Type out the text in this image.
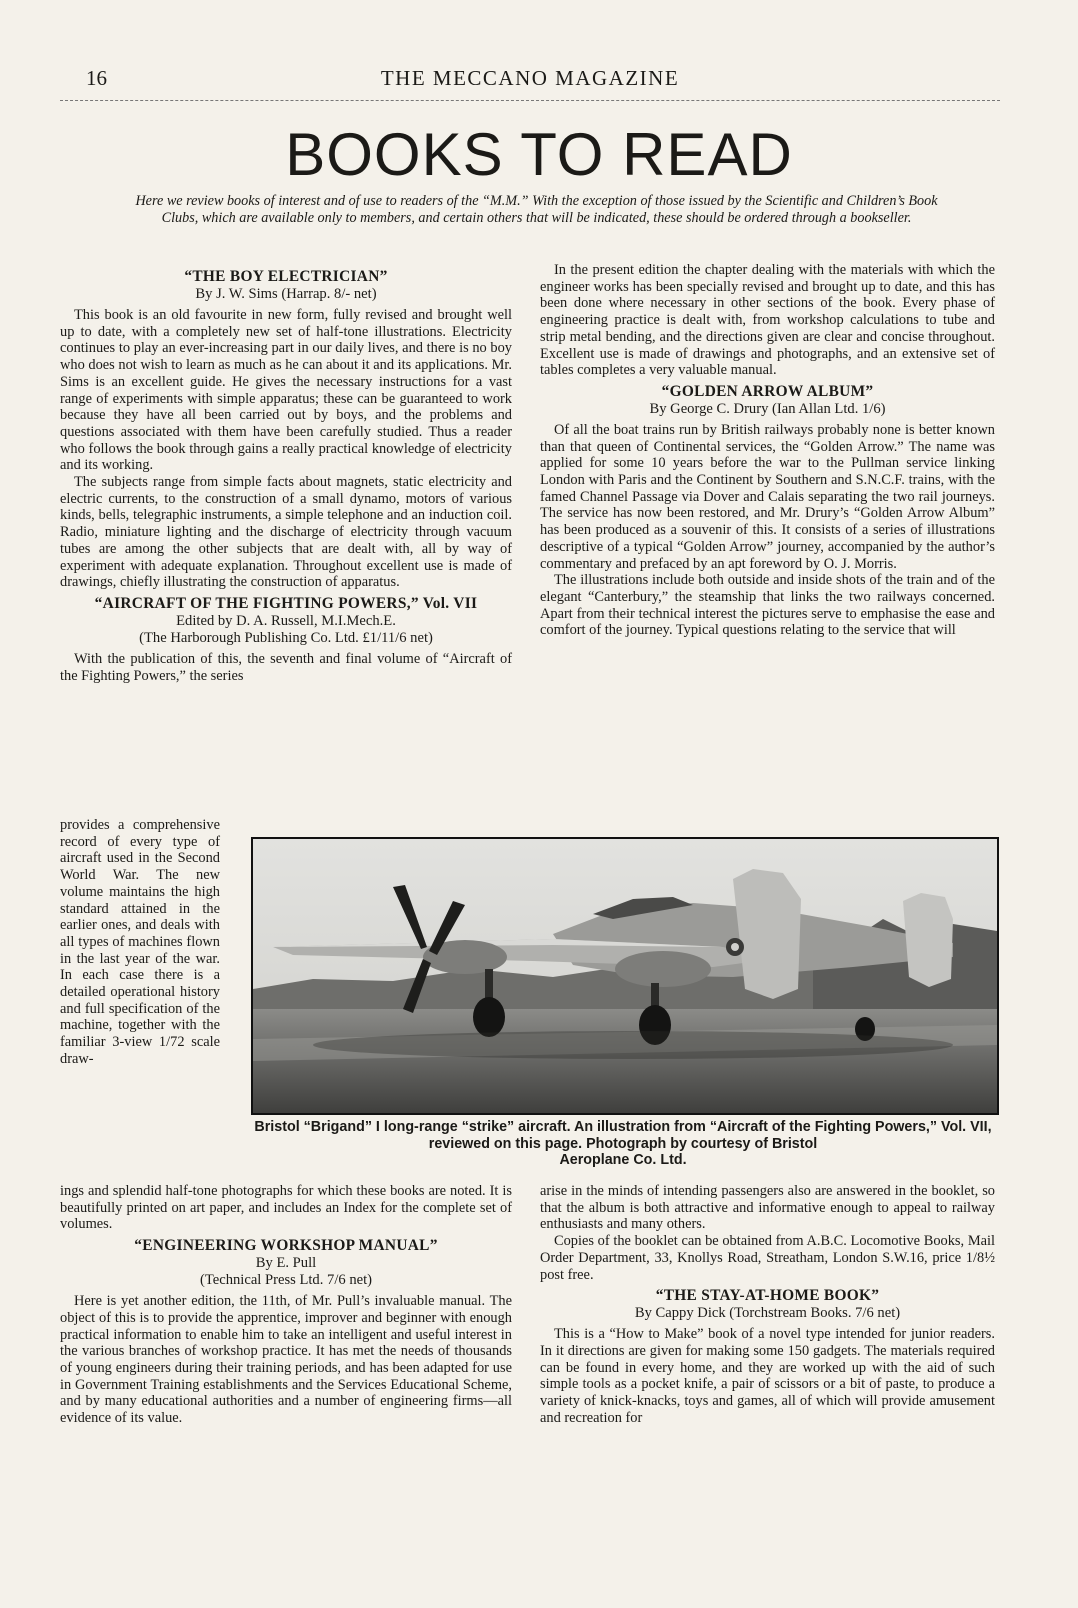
16	THE MECCANO MAGAZINE
BOOKS TO READ
Here we review books of interest and of use to readers of the “M.M.” With the exception of those issued by the Scientific and Children’s Book Clubs, which are available only to members, and certain others that will be indicated, these should be ordered through a bookseller.
“THE BOY ELECTRICIAN”
By J. W. Sims (Harrap. 8/- net)

This book is an old favourite in new form, fully revised and brought well up to date, with a completely new set of half-tone illustrations. Electricity continues to play an ever-increasing part in our daily lives, and there is no boy who does not wish to learn as much as he can about it and its applications. Mr. Sims is an excellent guide. He gives the necessary instructions for a vast range of experiments with simple apparatus; these can be guaranteed to work because they have all been carried out by boys, and the problems and questions associated with them have been carefully studied. Thus a reader who follows the book through gains a really practical knowledge of electricity and its working.

The subjects range from simple facts about magnets, static electricity and electric currents, to the construction of a small dynamo, motors of various kinds, bells, telegraphic instruments, a simple telephone and an induction coil. Radio, miniature lighting and the discharge of electricity through vacuum tubes are among the other subjects that are dealt with, all by way of experiment with adequate explanation. Throughout excellent use is made of drawings, chiefly illustrating the construction of apparatus.

“AIRCRAFT OF THE FIGHTING POWERS,” Vol. VII
Edited by D. A. Russell, M.I.Mech.E.
(The Harborough Publishing Co. Ltd. £1/11/6 net)

With the publication of this, the seventh and final volume of “Aircraft of the Fighting Powers,” the series

provides a comprehensive record of every type of aircraft used in the Second World War. The new volume maintains the high standard attained in the earlier ones, and deals with all types of machines flown in the last year of the war. In each case there is a detailed operational history and full specification of the machine, together with the familiar 3-view 1/72 scale draw-

In the present edition the chapter dealing with the materials with which the engineer works has been specially revised and brought up to date, and this has been done where necessary in other sections of the book. Every phase of engineering practice is dealt with, from workshop calculations to tube and strip metal bending, and the directions given are clear and concise throughout. Excellent use is made of drawings and photographs, and an extensive set of tables completes a very valuable manual.

“GOLDEN ARROW ALBUM”
By George C. Drury (Ian Allan Ltd. 1/6)

Of all the boat trains run by British railways probably none is better known than that queen of Continental services, the “Golden Arrow.” The name was applied for some 10 years before the war to the Pullman service linking London with Paris and the Continent by Southern and S.N.C.F. trains, with the famed Channel Passage via Dover and Calais separating the two rail journeys. The service has now been restored, and Mr. Drury’s “Golden Arrow Album” has been produced as a souvenir of this. It consists of a series of illustrations descriptive of a typical “Golden Arrow” journey, accompanied by the author’s commentary and prefaced by an apt foreword by O. J. Morris.

The illustrations include both outside and inside shots of the train and of the elegant “Canterbury,” the steamship that links the two railways concerned. Apart from their technical interest the pictures serve to emphasise the ease and comfort of the journey. Typical questions relating to the service that will

Bristol “Brigand” I long-range “strike” aircraft. An illustration from “Aircraft of the Fighting Powers,” Vol. VII, reviewed on this page. Photograph by courtesy of Bristol
Aeroplane Co. Ltd.

ings and splendid half-tone photographs for which these books are noted. It is beautifully printed on art paper, and includes an Index for the complete set of volumes.

“ENGINEERING WORKSHOP MANUAL”
By E. Pull
(Technical Press Ltd. 7/6 net)

Here is yet another edition, the 11th, of Mr. Pull’s invaluable manual. The object of this is to provide the apprentice, improver and beginner with enough practical information to enable him to take an intelligent and useful interest in the various branches of workshop practice. It has met the needs of thousands of young engineers during their training periods, and has been adapted for use in Government Training establishments and the Services Educational Scheme, and by many educational authorities and a number of engineering firms—all evidence of its value.

arise in the minds of intending passengers also are answered in the booklet, so that the album is both attractive and informative enough to appeal to railway enthusiasts and many others.

Copies of the booklet can be obtained from A.B.C. Locomotive Books, Mail Order Department, 33, Knollys Road, Streatham, London S.W.16, price 1/8½ post free.

“THE STAY-AT-HOME BOOK”
By Cappy Dick (Torchstream Books. 7/6 net)

This is a “How to Make” book of a novel type intended for junior readers. In it directions are given for making some 150 gadgets. The materials required can be found in every home, and they are worked up with the aid of such simple tools as a pocket knife, a pair of scissors or a bit of paste, to produce a variety of knick-knacks, toys and games, all of which will provide amusement and recreation for
